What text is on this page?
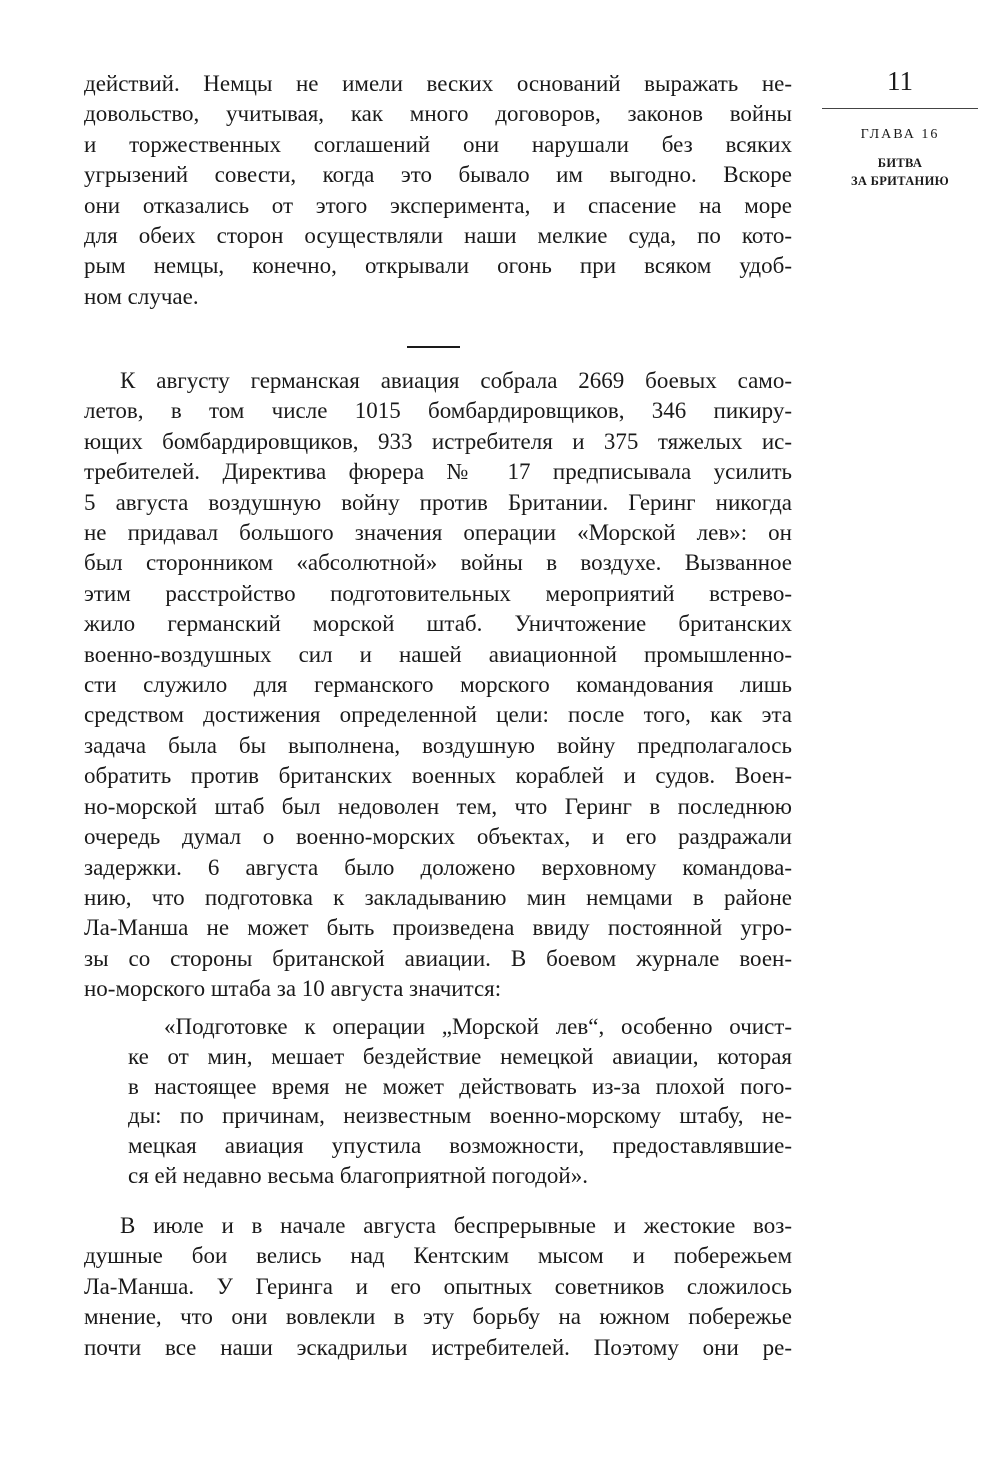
11
ГЛАВА 16
БИТВА
ЗА БРИТАНИЮ
действий. Немцы не имели веских оснований выражать не-
довольство, учитывая, как много договоров, законов войны
и торжественных соглашений они нарушали без всяких
угрызений совести, когда это бывало им выгодно. Вскоре
они отказались от этого эксперимента, и спасение на море
для обеих сторон осуществляли наши мелкие суда, по кото-
рым немцы, конечно, открывали огонь при всяком удоб-
ном случае.
К августу германская авиация собрала 2669 боевых само-
летов, в том числе 1015 бомбардировщиков, 346 пикиру-
ющих бомбардировщиков, 933 истребителя и 375 тяжелых ис-
требителей. Директива фюрера № 17 предписывала усилить
5 августа воздушную войну против Британии. Геринг никогда
не придавал большого значения операции «Морской лев»: он
был сторонником «абсолютной» войны в воздухе. Вызванное
этим расстройство подготовительных мероприятий встрево-
жило германский морской штаб. Уничтожение британских
военно-воздушных сил и нашей авиационной промышленно-
сти служило для германского морского командования лишь
средством достижения определенной цели: после того, как эта
задача была бы выполнена, воздушную войну предполагалось
обратить против британских военных кораблей и судов. Воен-
но-морской штаб был недоволен тем, что Геринг в последнюю
очередь думал о военно-морских объектах, и его раздражали
задержки. 6 августа было доложено верховному командова-
нию, что подготовка к закладыванию мин немцами в районе
Ла-Манша не может быть произведена ввиду постоянной угро-
зы со стороны британской авиации. В боевом журнале воен-
но-морского штаба за 10 августа значится:
«Подготовке к операции „Морской лев“, особенно очист-
ке от мин, мешает бездействие немецкой авиации, которая
в настоящее время не может действовать из-за плохой пого-
ды: по причинам, неизвестным военно-морскому штабу, не-
мецкая авиация упустила возможности, предоставлявшие-
ся ей недавно весьма благоприятной погодой».
В июле и в начале августа беспрерывные и жестокие воз-
душные бои велись над Кентским мысом и побережьем
Ла-Манша. У Геринга и его опытных советников сложилось
мнение, что они вовлекли в эту борьбу на южном побережье
почти все наши эскадрильи истребителей. Поэтому они ре-
